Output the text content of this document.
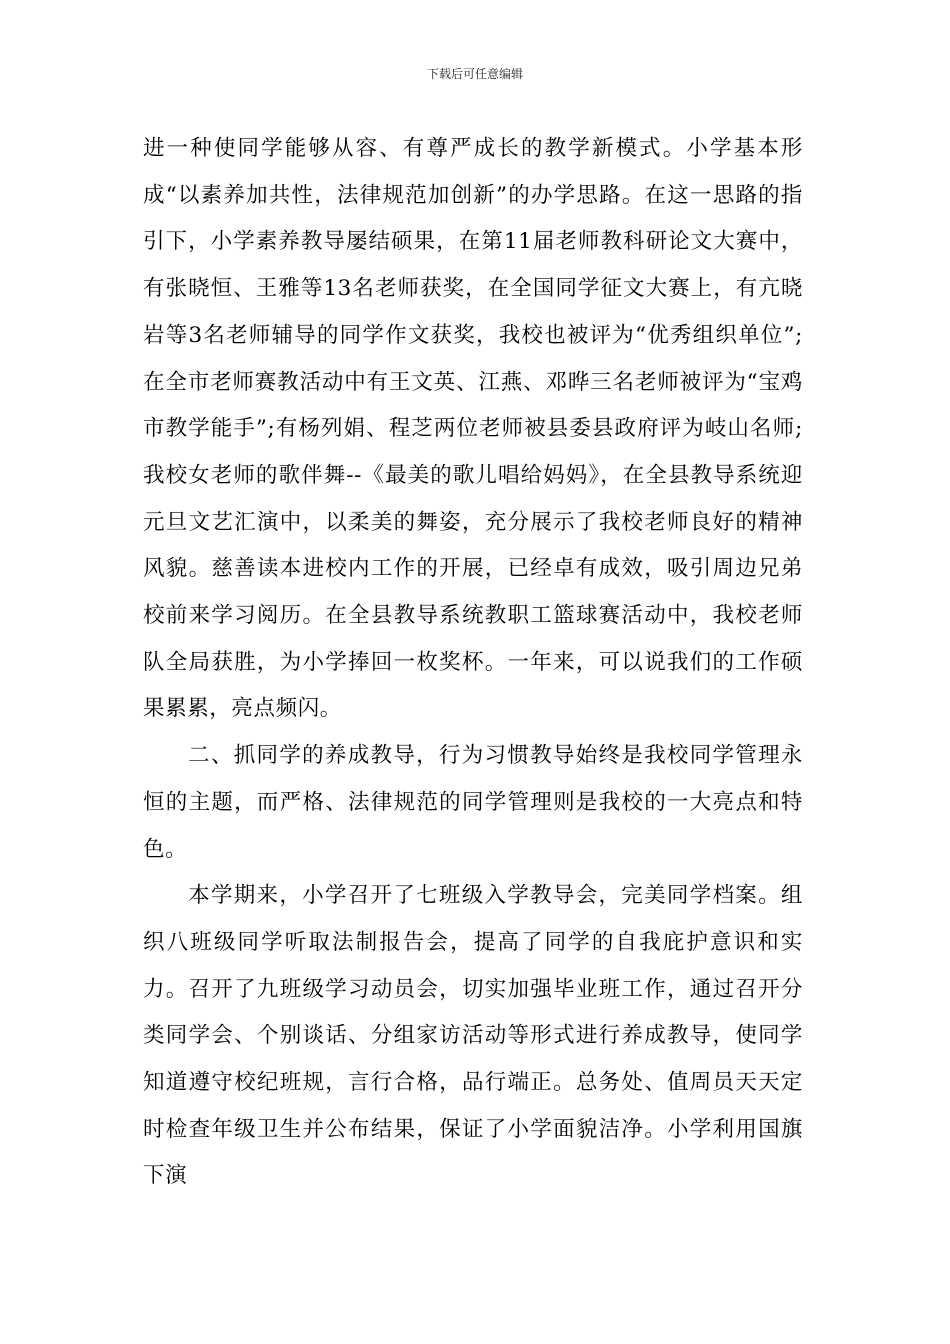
下载后可任意编辑

进一种使同学能够从容、有尊严成长的教学新模式。小学基本形成“以素养加共性，法律规范加创新”的办学思路。在这一思路的指引下，小学素养教导屡结硕果，在第11届老师教科研论文大赛中，有张晓恒、王雅等13名老师获奖，在全国同学征文大赛上，有亢晓岩等3名老师辅导的同学作文获奖，我校也被评为“优秀组织单位”;在全市老师赛教活动中有王文英、江燕、邓晔三名老师被评为“宝鸡市教学能手”;有杨列娟、程芝两位老师被县委县政府评为岐山名师;我校女老师的歌伴舞--《最美的歌儿唱给妈妈》，在全县教导系统迎元旦文艺汇演中，以柔美的舞姿，充分展示了我校老师良好的精神风貌。慈善读本进校内工作的开展，已经卓有成效，吸引周边兄弟校前来学习阅历。在全县教导系统教职工篮球赛活动中，我校老师队全局获胜，为小学捧回一枚奖杯。一年来，可以说我们的工作硕果累累，亮点频闪。

二、抓同学的养成教导，行为习惯教导始终是我校同学管理永恒的主题，而严格、法律规范的同学管理则是我校的一大亮点和特色。

本学期来，小学召开了七班级入学教导会，完美同学档案。组织八班级同学听取法制报告会，提高了同学的自我庇护意识和实力。召开了九班级学习动员会，切实加强毕业班工作，通过召开分类同学会、个别谈话、分组家访活动等形式进行养成教导，使同学知道遵守校纪班规，言行合格，品行端正。总务处、值周员天天定时检查年级卫生并公布结果，保证了小学面貌洁净。小学利用国旗下演
